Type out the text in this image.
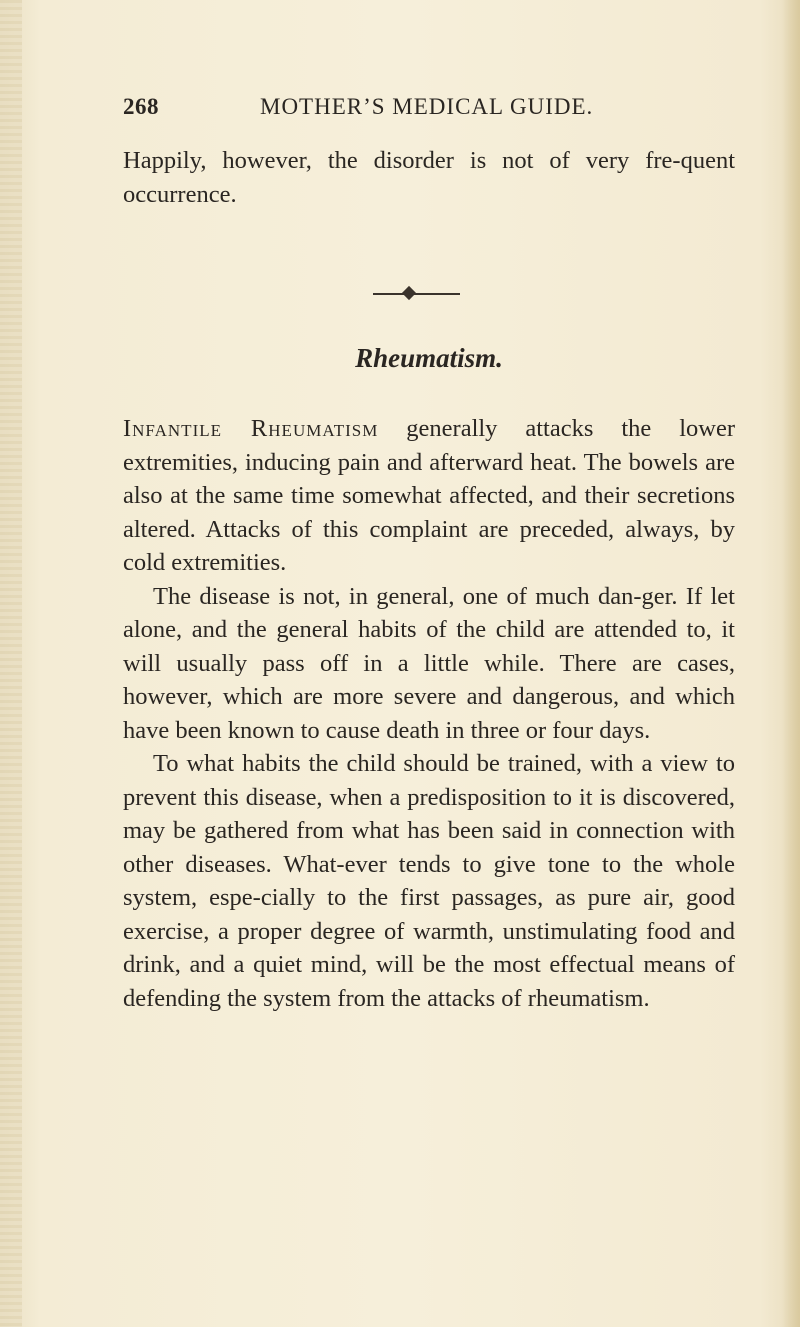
268	MOTHER’S MEDICAL GUIDE.
Happily, however, the disorder is not of very fre-quent occurrence.
Rheumatism.

Infantile Rheumatism generally attacks the lower extremities, inducing pain and afterward heat. The bowels are also at the same time somewhat affected, and their secretions altered. Attacks of this complaint are preceded, always, by cold extremities.

The disease is not, in general, one of much dan-ger. If let alone, and the general habits of the child are attended to, it will usually pass off in a little while. There are cases, however, which are more severe and dangerous, and which have been known to cause death in three or four days.

To what habits the child should be trained, with a view to prevent this disease, when a predisposition to it is discovered, may be gathered from what has been said in connection with other diseases. What-ever tends to give tone to the whole system, espe-cially to the first passages, as pure air, good exercise, a proper degree of warmth, unstimulating food and drink, and a quiet mind, will be the most effectual means of defending the system from the attacks of rheumatism.
